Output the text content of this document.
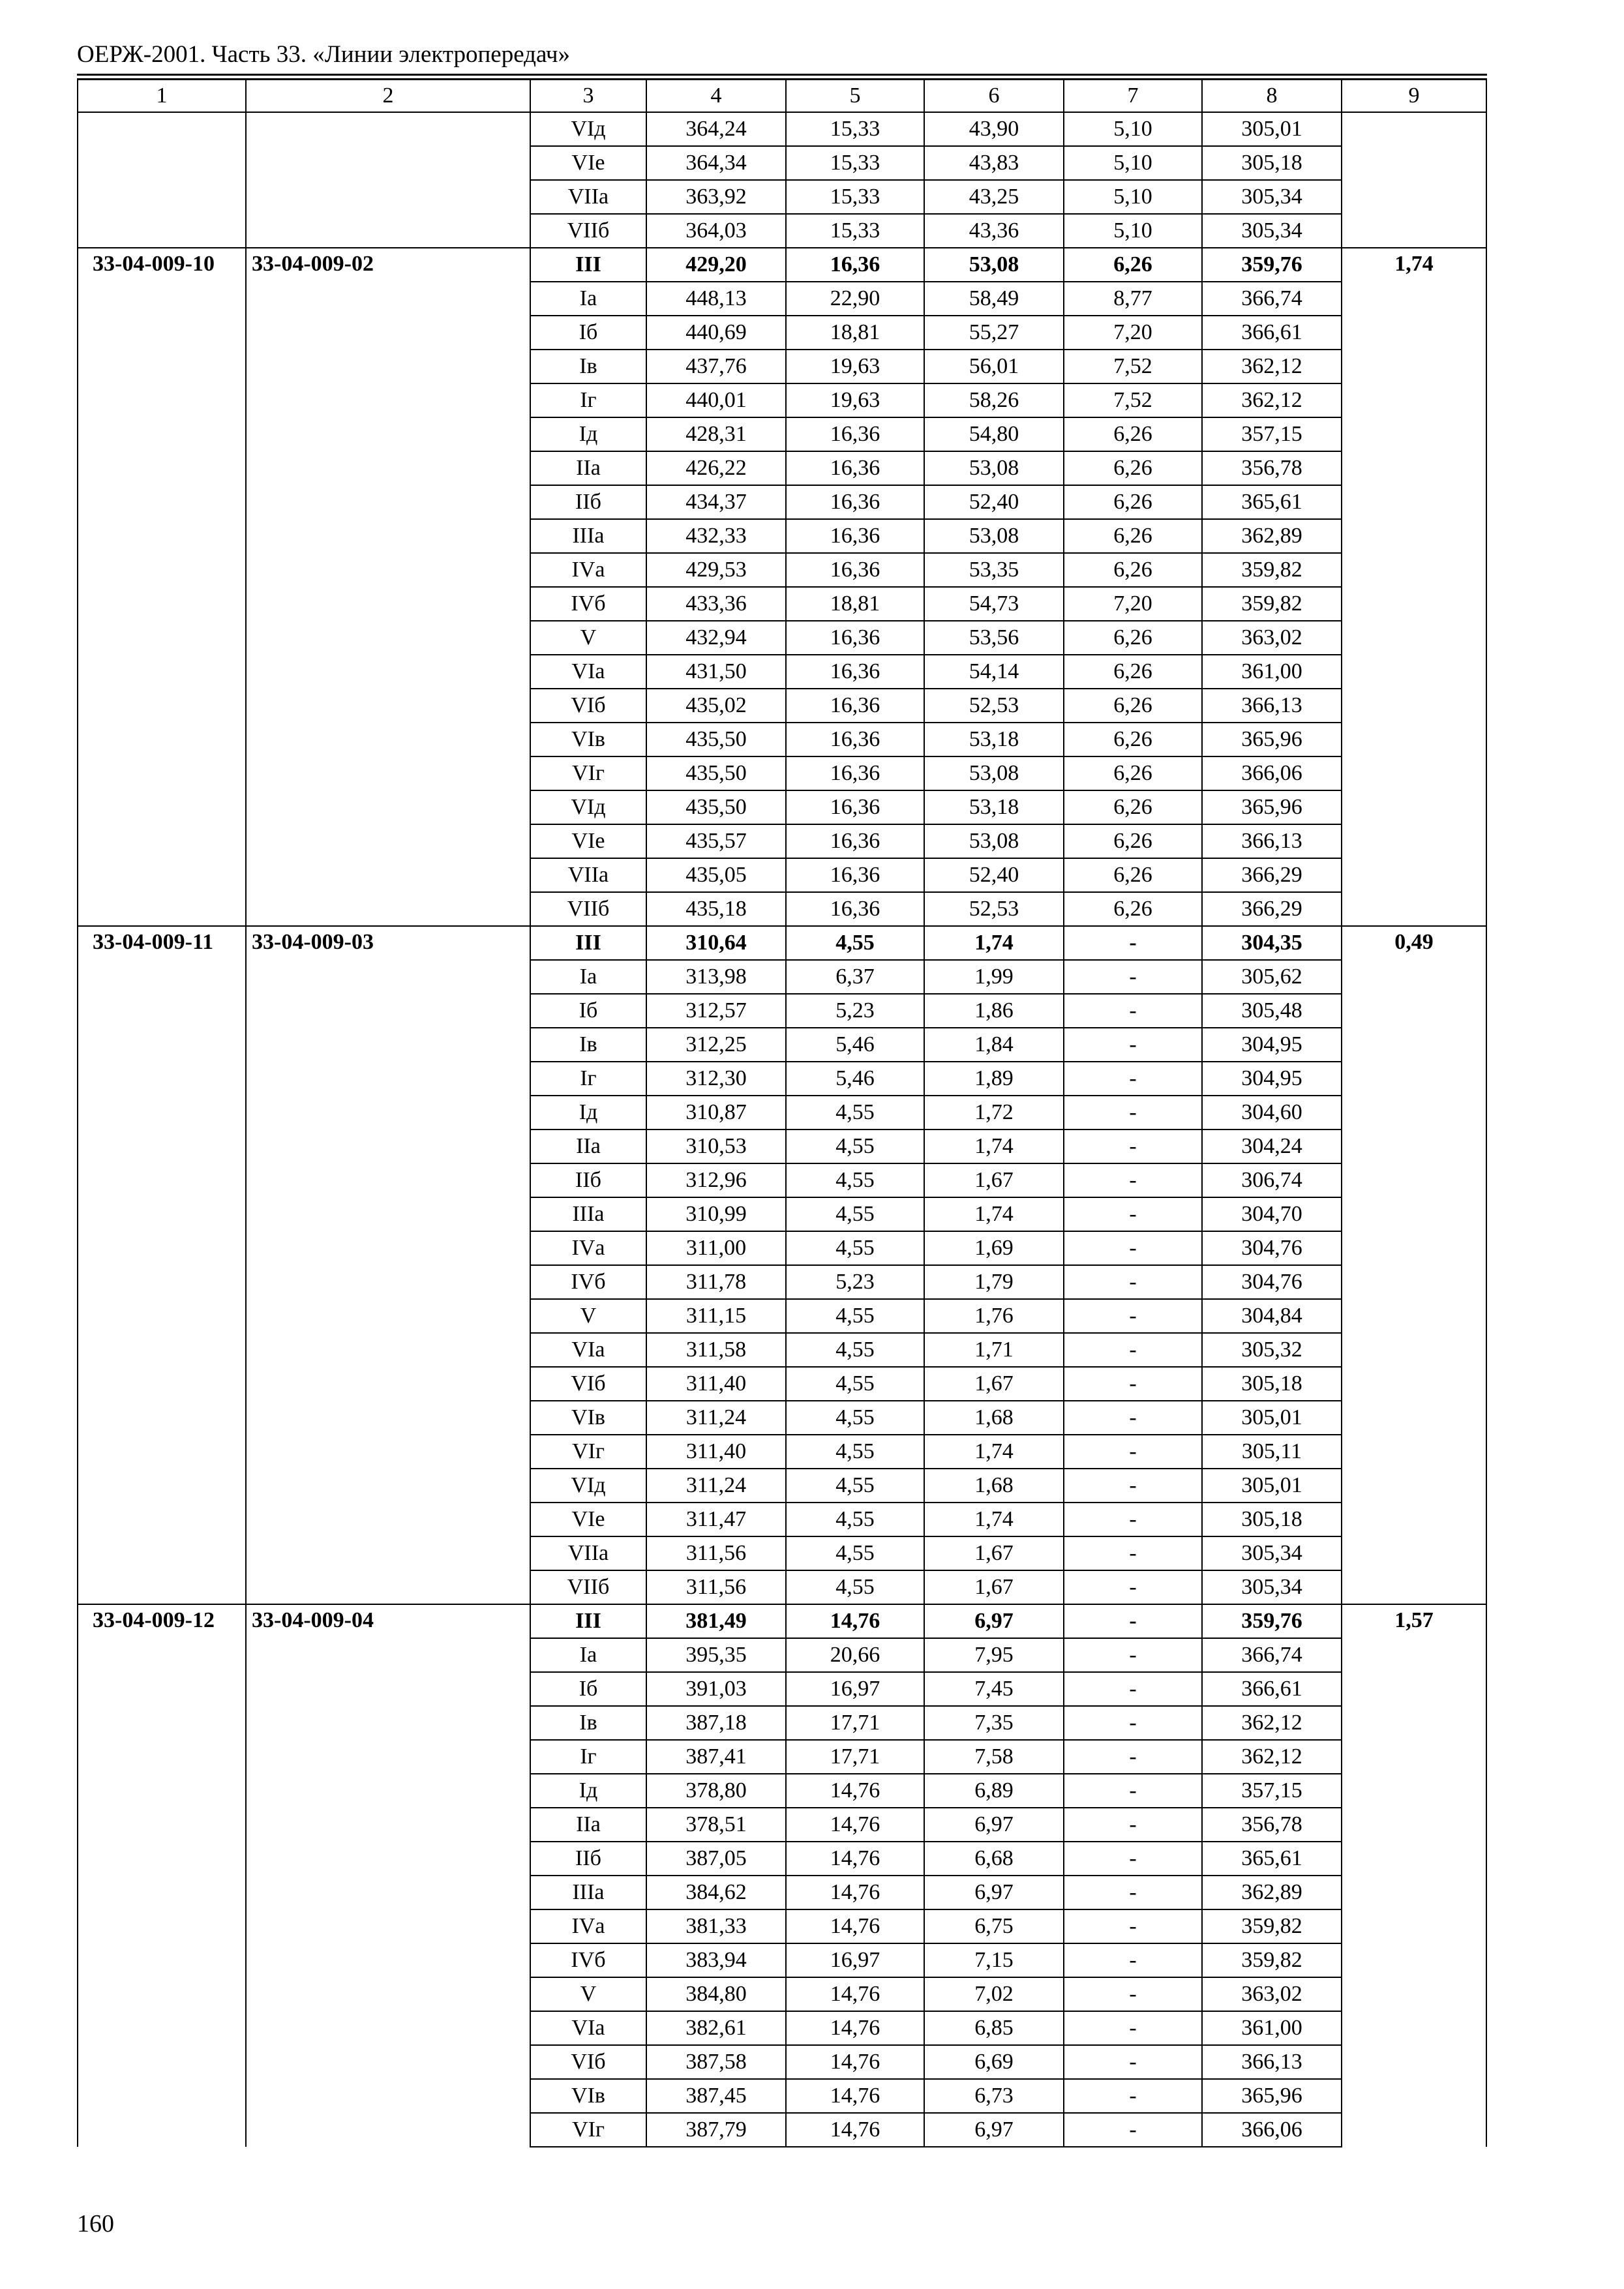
ОЕРЖ-2001. Часть 33. «Линии электропередач»
1	2	3	4	5	6	7	8	9
		VIд	364,24	15,33	43,90	5,10	305,01	
		VIе	364,34	15,33	43,83	5,10	305,18	
		VIIа	363,92	15,33	43,25	5,10	305,34	
		VIIб	364,03	15,33	43,36	5,10	305,34	
33-04-009-10	33-04-009-02	III	429,20	16,36	53,08	6,26	359,76	1,74
		Iа	448,13	22,90	58,49	8,77	366,74	
		Iб	440,69	18,81	55,27	7,20	366,61	
		Iв	437,76	19,63	56,01	7,52	362,12	
		Iг	440,01	19,63	58,26	7,52	362,12	
		Iд	428,31	16,36	54,80	6,26	357,15	
		IIа	426,22	16,36	53,08	6,26	356,78	
		IIб	434,37	16,36	52,40	6,26	365,61	
		IIIа	432,33	16,36	53,08	6,26	362,89	
		IVа	429,53	16,36	53,35	6,26	359,82	
		IVб	433,36	18,81	54,73	7,20	359,82	
		V	432,94	16,36	53,56	6,26	363,02	
		VIа	431,50	16,36	54,14	6,26	361,00	
		VIб	435,02	16,36	52,53	6,26	366,13	
		VIв	435,50	16,36	53,18	6,26	365,96	
		VIг	435,50	16,36	53,08	6,26	366,06	
		VIд	435,50	16,36	53,18	6,26	365,96	
		VIе	435,57	16,36	53,08	6,26	366,13	
		VIIа	435,05	16,36	52,40	6,26	366,29	
		VIIб	435,18	16,36	52,53	6,26	366,29	
33-04-009-11	33-04-009-03	III	310,64	4,55	1,74	-	304,35	0,49
		Iа	313,98	6,37	1,99	-	305,62	
		Iб	312,57	5,23	1,86	-	305,48	
		Iв	312,25	5,46	1,84	-	304,95	
		Iг	312,30	5,46	1,89	-	304,95	
		Iд	310,87	4,55	1,72	-	304,60	
		IIа	310,53	4,55	1,74	-	304,24	
		IIб	312,96	4,55	1,67	-	306,74	
		IIIа	310,99	4,55	1,74	-	304,70	
		IVа	311,00	4,55	1,69	-	304,76	
		IVб	311,78	5,23	1,79	-	304,76	
		V	311,15	4,55	1,76	-	304,84	
		VIа	311,58	4,55	1,71	-	305,32	
		VIб	311,40	4,55	1,67	-	305,18	
		VIв	311,24	4,55	1,68	-	305,01	
		VIг	311,40	4,55	1,74	-	305,11	
		VIд	311,24	4,55	1,68	-	305,01	
		VIе	311,47	4,55	1,74	-	305,18	
		VIIа	311,56	4,55	1,67	-	305,34	
		VIIб	311,56	4,55	1,67	-	305,34	
33-04-009-12	33-04-009-04	III	381,49	14,76	6,97	-	359,76	1,57
		Iа	395,35	20,66	7,95	-	366,74	
		Iб	391,03	16,97	7,45	-	366,61	
		Iв	387,18	17,71	7,35	-	362,12	
		Iг	387,41	17,71	7,58	-	362,12	
		Iд	378,80	14,76	6,89	-	357,15	
		IIа	378,51	14,76	6,97	-	356,78	
		IIб	387,05	14,76	6,68	-	365,61	
		IIIа	384,62	14,76	6,97	-	362,89	
		IVа	381,33	14,76	6,75	-	359,82	
		IVб	383,94	16,97	7,15	-	359,82	
		V	384,80	14,76	7,02	-	363,02	
		VIа	382,61	14,76	6,85	-	361,00	
		VIб	387,58	14,76	6,69	-	366,13	
		VIв	387,45	14,76	6,73	-	365,96	
		VIг	387,79	14,76	6,97	-	366,06	
160
